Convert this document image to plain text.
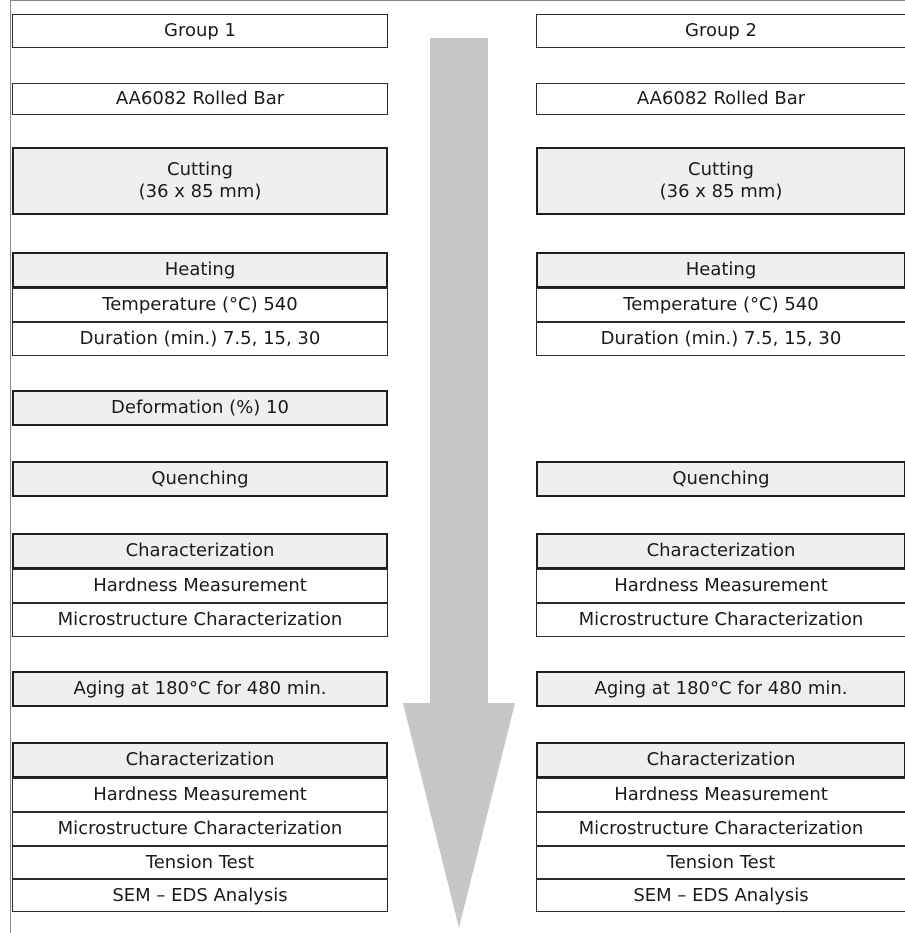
Group 1
AA6082 Rolled Bar
Cutting
(36 x 85 mm)
Heating
Temperature (°C) 540
Duration (min.) 7.5, 15, 30
Deformation (%) 10
Quenching
Characterization
Hardness Measurement
Microstructure Characterization
Aging at 180°C for 480 min.
Characterization
Hardness Measurement
Microstructure Characterization
Tension Test
SEM – EDS Analysis
Group 2
AA6082 Rolled Bar
Cutting
(36 x 85 mm)
Heating
Temperature (°C) 540
Duration (min.) 7.5, 15, 30
Quenching
Characterization
Hardness Measurement
Microstructure Characterization
Aging at 180°C for 480 min.
Characterization
Hardness Measurement
Microstructure Characterization
Tension Test
SEM – EDS Analysis
